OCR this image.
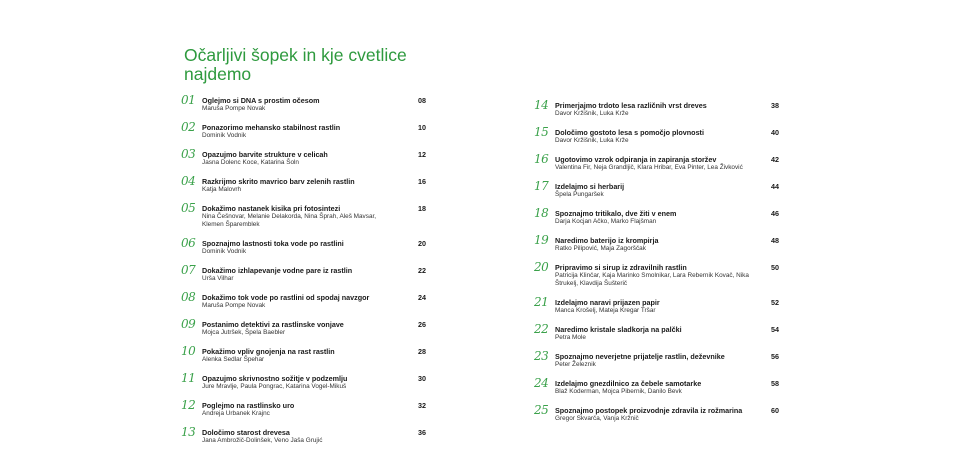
Očarljivi šopek in kje cvetlice najdemo
01 Oglejmo si DNA s prostim očesom
Maruša Pompe Novak
08
02 Ponazorimo mehansko stabilnost rastlin
Dominik Vodnik
10
03 Opazujmo barvite strukture v celicah
Jasna Dolenc Koce, Katarina Šoln
12
04 Razkrijmo skrito mavrico barv zelenih rastlin
Katja Malovrh
16
05 Dokažimo nastanek kisika pri fotosintezi
Nina Češnovar, Melanie Delakorda, Nina Šprah, Aleš Mavsar, Klemen Šparemblek
18
06 Spoznajmo lastnosti toka vode po rastlini
Dominik Vodnik
20
07 Dokažimo izhlapevanje vodne pare iz rastlin
Urša Vilhar
22
08 Dokažimo tok vode po rastlini od spodaj navzgor
Maruša Pompe Novak
24
09 Postanimo detektivi za rastlinske vonjave
Mojca Jutršek, Špela Baebler
26
10 Pokažimo vpliv gnojenja na rast rastlin
Alenka Sedlar Špehar
28
11 Opazujmo skrivnostno sožitje v podzemlju
Jure Mravlje, Paula Pongrac, Katarina Vogel-Mikuš
30
12 Poglejmo na rastlinsko uro
Andreja Urbanek Krajnc
32
13 Določimo starost drevesa
Jana Ambrožič-Dolinšek, Veno Jaša Grujić
36
14 Primerjajmo trdoto lesa različnih vrst dreves
Davor Kržišnik, Luka Krže
38
15 Določimo gostoto lesa s pomočjo plovnosti
Davor Kržišnik, Luka Krže
40
16 Ugotovimo vzrok odpiranja in zapiranja storžev
Valentina Fir, Neja Grandljič, Klara Hribar, Eva Pinter, Lea Živković
42
17 Izdelajmo si herbarij
Špela Pungaršek
44
18 Spoznajmo tritikalo, dve žiti v enem
Darja Kocjan Ačko, Marko Flajšman
46
19 Naredimo baterijo iz krompirja
Ratko Pilipović, Maja Zagorščak
48
20 Pripravimo si sirup iz zdravilnih rastlin
Patricija Klinčar, Kaja Marinko Smolnikar, Lara Rebernik Kovač, Nika Štrukelj, Klavdija Šušterič
50
21 Izdelajmo naravi prijazen papir
Manca Krošelj, Mateja Kregar Tršar
52
22 Naredimo kristale sladkorja na palčki
Petra Mole
54
23 Spoznajmo neverjetne prijatelje rastlin, deževnike
Peter Železnik
56
24 Izdelajmo gnezdilnico za čebele samotarke
Blaž Koderman, Mojca Pibernik, Danilo Bevk
58
25 Spoznajmo postopek proizvodnje zdravila iz rožmarina
Gregor Skvarča, Vanja Kržnič
60
